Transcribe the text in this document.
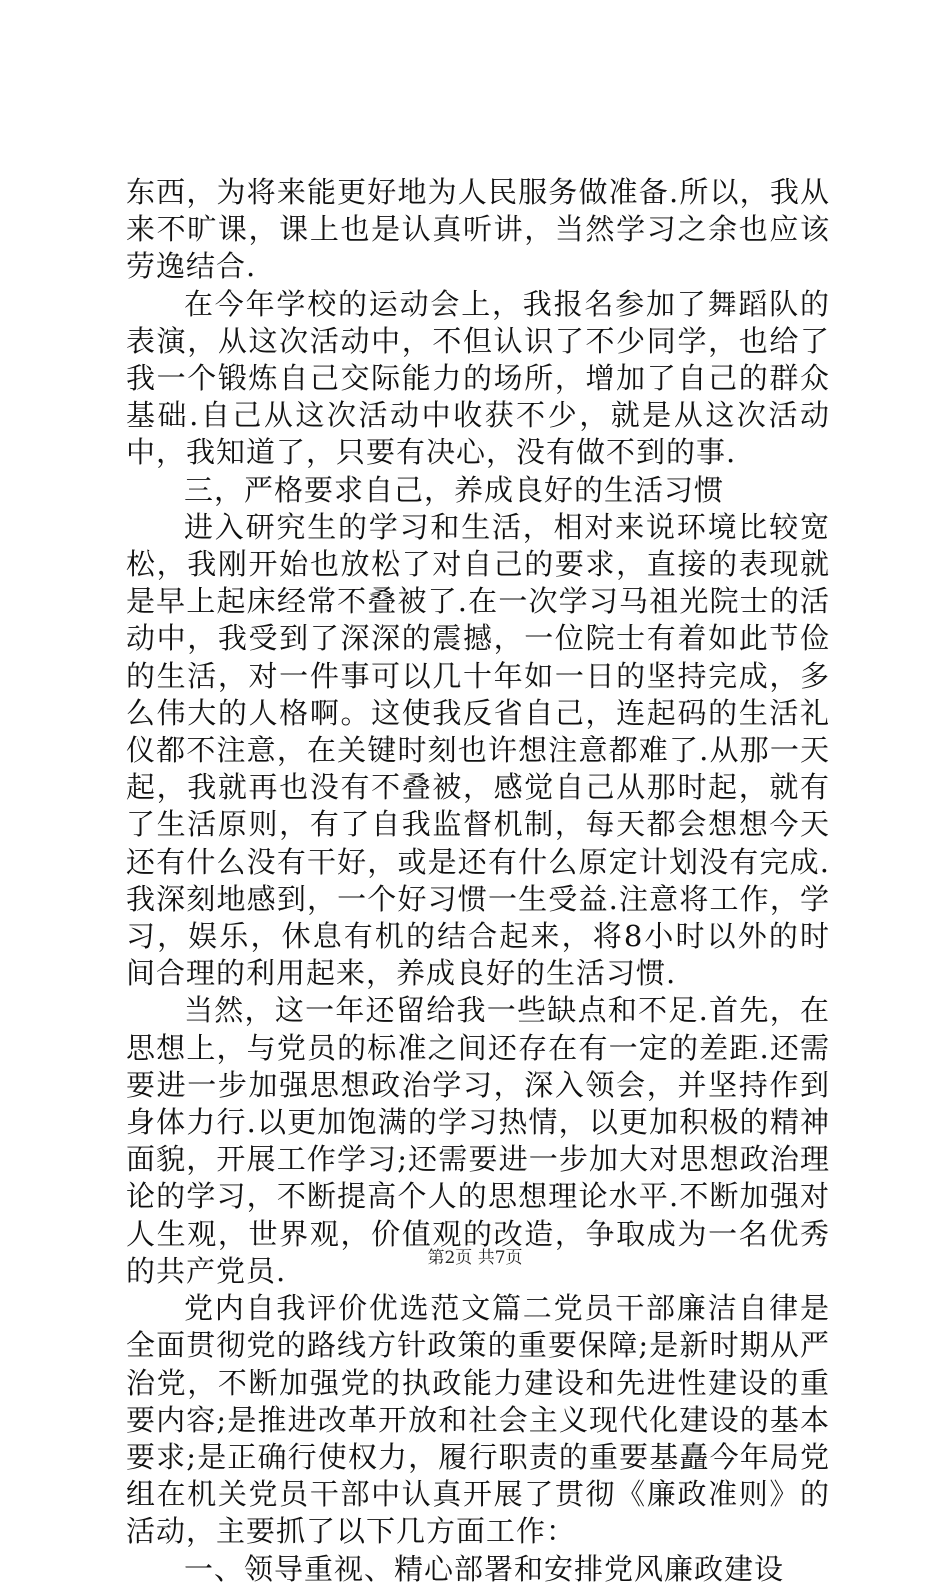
东西，为将来能更好地为人民服务做准备.所以，我从来不旷课，课上也是认真听讲，当然学习之余也应该劳逸结合.

在今年学校的运动会上，我报名参加了舞蹈队的表演，从这次活动中，不但认识了不少同学，也给了我一个锻炼自己交际能力的场所，增加了自己的群众基础.自己从这次活动中收获不少，就是从这次活动中，我知道了，只要有决心，没有做不到的事.

三，严格要求自己，养成良好的生活习惯

进入研究生的学习和生活，相对来说环境比较宽松，我刚开始也放松了对自己的要求，直接的表现就是早上起床经常不叠被了.在一次学习马祖光院士的活动中，我受到了深深的震撼，一位院士有着如此节俭的生活，对一件事可以几十年如一日的坚持完成，多么伟大的人格啊。这使我反省自己，连起码的生活礼仪都不注意，在关键时刻也许想注意都难了.从那一天起，我就再也没有不叠被，感觉自己从那时起，就有了生活原则，有了自我监督机制，每天都会想想今天还有什么没有干好，或是还有什么原定计划没有完成.我深刻地感到，一个好习惯一生受益.注意将工作，学习，娱乐，休息有机的结合起来，将8小时以外的时间合理的利用起来，养成良好的生活习惯.

当然，这一年还留给我一些缺点和不足.首先，在思想上，与党员的标准之间还存在有一定的差距.还需要进一步加强思想政治学习，深入领会，并坚持作到身体力行.以更加饱满的学习热情，以更加积极的精神面貌，开展工作学习;还需要进一步加大对思想政治理论的学习，不断提高个人的思想理论水平.不断加强对人生观，世界观，价值观的改造，争取成为一名优秀的共产党员.

党内自我评价优选范文篇二党员干部廉洁自律是全面贯彻党的路线方针政策的重要保障;是新时期从严治党，不断加强党的执政能力建设和先进性建设的重要内容;是推进改革开放和社会主义现代化建设的基本要求;是正确行使权力，履行职责的重要基矗今年局党组在机关党员干部中认真开展了贯彻《廉政准则》的活动，主要抓了以下几方面工作：

一、领导重视、精心部署和安排党风廉政建设

第2页 共7页
